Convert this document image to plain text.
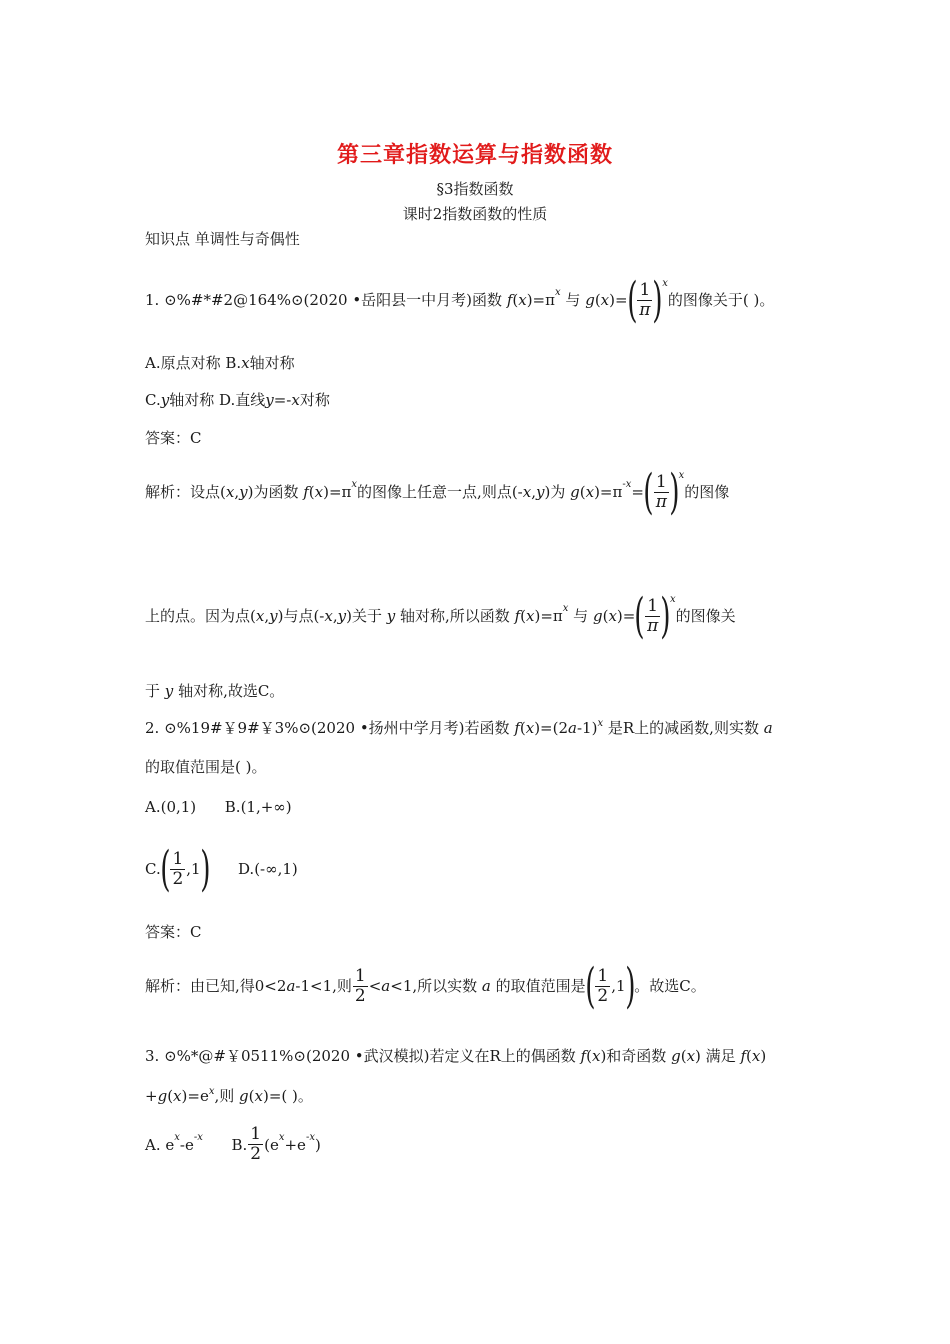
第三章指数运算与指数函数
§3指数函数
课时2指数函数的性质
知识点 单调性与奇偶性
1. ⊙%#*#2@164%⊙(2020 •岳阳县一中月考)函数
f ( x )=π x
与
g ( x )= ( $\frac{1}{\pi}$ ) x
的图像关于( )。
A.原点对称 B.x轴对称
C.y轴对称 D.直线y=-x对称
答案：C
解析：设点( x , y )为函数
f ( x )=π x 的图像上任意一点,则点(- x , y )为
g ( x )=π -x = ( $\frac{1}{\pi}$ ) x
的图像
上的点。因为点( x , y )与点(- x , y )关于
y
轴对称,所以函数
f ( x )=π x
与
g ( x )= ( $\frac{1}{\pi}$ ) x
的图像关
于 y 轴对称,故选C。
2. ⊙%19#￥9#￥3%⊙(2020 •扬州中学月考)若函数 $f(x)=(2a-1)^x$ 是R上的减函数,则实数 a
的取值范围是( )。
A.(0,1) B.(1,+∞)
C. ( $\frac{1}{2} ,1$ )
D.(-∞,1)
答案：C
解析：由已知,得0<2 a -1<1,则 $\frac{1}{2} < a <1$,所以实数
a
的取值范围是 ( $\frac{1}{2} ,1$ ) 。故选C。
3. ⊙%*@#￥0511%⊙(2020 •武汉模拟)若定义在R上的偶函数 f(x)和奇函数 g(x) 满足 f(x)
$+g(x)=e^x$,则 g(x)=( )。
A. e x -e -x
B. $\frac{1}{2} (e$ x +e -x )
